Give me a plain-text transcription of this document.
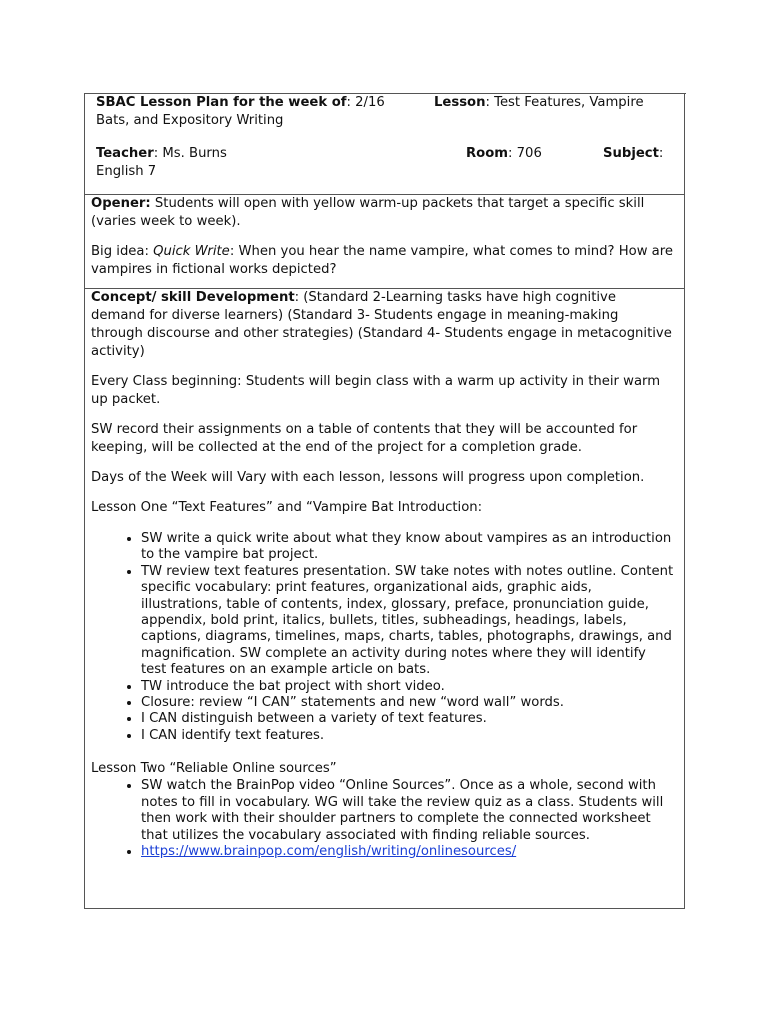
SBAC Lesson Plan for the week of: 2/16	Lesson: Test Features, Vampire
Bats, and Expository Writing
Teacher: Ms. Burns	Room: 706	Subject:
English 7

Opener: Students will open with yellow warm-up packets that target a specific skill (varies week to week).

Big idea: Quick Write: When you hear the name vampire, what comes to mind? How are vampires in fictional works depicted?

Concept/ skill Development: (Standard 2-Learning tasks have high cognitive demand for diverse learners) (Standard 3- Students engage in meaning-making through discourse and other strategies) (Standard 4- Students engage in metacognitive activity)

Every Class beginning: Students will begin class with a warm up activity in their warm up packet.

SW record their assignments on a table of contents that they will be accounted for keeping, will be collected at the end of the project for a completion grade.

Days of the Week will Vary with each lesson, lessons will progress upon completion.

Lesson One “Text Features” and “Vampire Bat Introduction:

• SW write a quick write about what they know about vampires as an introduction to the vampire bat project.
• TW review text features presentation. SW take notes with notes outline. Content specific vocabulary: print features, organizational aids, graphic aids, illustrations, table of contents, index, glossary, preface, pronunciation guide, appendix, bold print, italics, bullets, titles, subheadings, headings, labels, captions, diagrams, timelines, maps, charts, tables, photographs, drawings, and magnification. SW complete an activity during notes where they will identify test features on an example article on bats.
• TW introduce the bat project with short video.
• Closure: review “I CAN” statements and new “word wall” words.
• I CAN distinguish between a variety of text features.
• I CAN identify text features.

Lesson Two “Reliable Online sources”

• SW watch the BrainPop video “Online Sources”. Once as a whole, second with notes to fill in vocabulary. WG will take the review quiz as a class. Students will then work with their shoulder partners to complete the connected worksheet that utilizes the vocabulary associated with finding reliable sources.
• https://www.brainpop.com/english/writing/onlinesources/
